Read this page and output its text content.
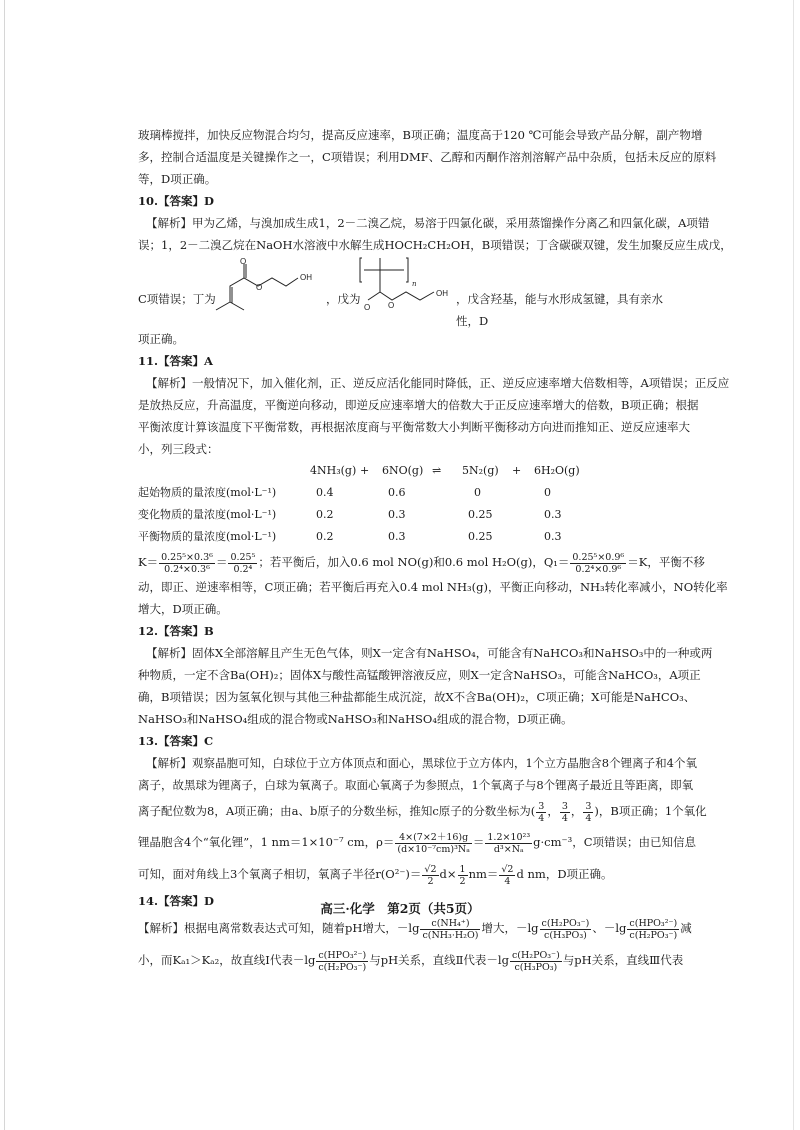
玻璃棒搅拌，加快反应物混合均匀，提高反应速率，B项正确；温度高于120 ℃可能会导致产品分解，副产物增
多，控制合适温度是关键操作之一，C项错误；利用DMF、乙醇和丙酮作溶剂溶解产品中杂质，包括未反应的原料
等，D项正确。
10.【答案】D
【解析】甲为乙烯，与溴加成生成1，2－二溴乙烷，易溶于四氯化碳，采用蒸馏操作分离乙和四氯化碳，A项错
误；1，2－二溴乙烷在NaOH水溶液中水解生成HOCH₂CH₂OH，B项错误；丁含碳碳双键，发生加聚反应生成戊，
C项错误；丁为
O
O
OH
，戊为
n
O O
OH ，戊含羟基，能与水形成氢键，具有亲水性，D
项正确。
11.【答案】A
【解析】一般情况下，加入催化剂，正、逆反应活化能同时降低，正、逆反应速率增大倍数相等，A项错误；正反应
是放热反应，升高温度，平衡逆向移动，即逆反应速率增大的倍数大于正反应速率增大的倍数，B项正确；根据
平衡浓度计算该温度下平衡常数，再根据浓度商与平衡常数大小判断平衡移动方向进而推知正、逆反应速率大
小，列三段式：
	4NH₃(g)	+	6NO(g)	⇌	5N₂(g)	+	6H₂O(g)
起始物质的量浓度(mol·L⁻¹)	0.4		0.6		0		0
变化物质的量浓度(mol·L⁻¹)	0.2		0.3		0.25		0.3
平衡物质的量浓度(mol·L⁻¹)	0.2		0.3		0.25		0.3
$K= \frac{\text{0.25⁵×0.3⁶}}{\text{0.2⁴×0.3⁶}} = \frac{\text{0.25⁵}}{\text{0.2⁴}}$ ；若平衡后，加入0.6 mol NO(g)和0.6 mol H₂O(g)，$Q_1= \frac{\text{0.25⁵×0.9⁶}}{\text{0.2⁴×0.9⁶}} =K$，平衡不移
动，即正、逆速率相等，C项正确；若平衡后再充入0.4 mol NH₃(g)，平衡正向移动，NH₃转化率减小，NO转化率
增大，D项正确。
12.【答案】B
【解析】固体X全部溶解且产生无色气体，则X一定含有NaHSO₄，可能含有NaHCO₃和NaHSO₃中的一种或两
种物质，一定不含Ba(OH)₂；固体X与酸性高锰酸钾溶液反应，则X一定含NaHSO₃，可能含NaHCO₃，A项正
确，B项错误；因为氢氧化钡与其他三种盐都能生成沉淀，故X不含Ba(OH)₂，C项正确；X可能是NaHCO₃、
NaHSO₃和NaHSO₄组成的混合物或NaHSO₃和NaHSO₄组成的混合物，D项正确。
13.【答案】C
【解析】观察晶胞可知，白球位于立方体顶点和面心，黑球位于立方体内，1个立方晶胞含8个锂离子和4个氧
离子，故黑球为锂离子，白球为氧离子。取面心氧离子为参照点，1个氧离子与8个锂离子最近且等距离，即氧
离子配位数为8，A项正确；由a、b原子的分数坐标，推知c原子的分数坐标为( $\frac{3}{4}$ ， $\frac{3}{4}$ ， $\frac{3}{4}$ )，B项正确；1个氧化
锂晶胞含4个“氧化锂”，1 nm＝1×10⁻⁷ cm，$\rho= \frac{4\times(7\times 2+16)g}{\text{(d×10⁻⁷cm)³Nₐ}} = \frac{\text{1.2×10²³}}{\text{d³×Nₐ}} g\cdot cm^{-3}$，C项错误；由已知信息
可知，面对角线上3个氧离子相切，氧离子半径$r(O^{2-})= \frac{√2}{2} d\times \frac{1}{2} nm= \frac{√2}{4}$ d nm，D项正确。
14.【答案】D
【解析】根据电离常数表达式可知，随着pH增大，$-\lg \frac{\text{c(NH₄⁺)}}{\text{c(NH₃·H₂O)}}$ 增大，$-\lg \frac{\text{c(H₂PO₃⁻)}}{\text{c(H₃PO₃)}}$ 、$-\lg \frac{\text{c(HPO₃²⁻)}}{\text{c(H₂PO₃⁻)}}$ 减
小，而Kₐ₁＞Kₐ₂，故直线Ⅰ代表$-\lg \frac{\text{c(HPO₃²⁻)}}{\text{c(H₂PO₃⁻)}}$ 与pH关系，直线Ⅱ代表$-\lg \frac{\text{c(H₂PO₃⁻)}}{\text{c(H₃PO₃)}}$ 与pH关系，直线Ⅲ代表
高三·化学　第2页（共5页）
